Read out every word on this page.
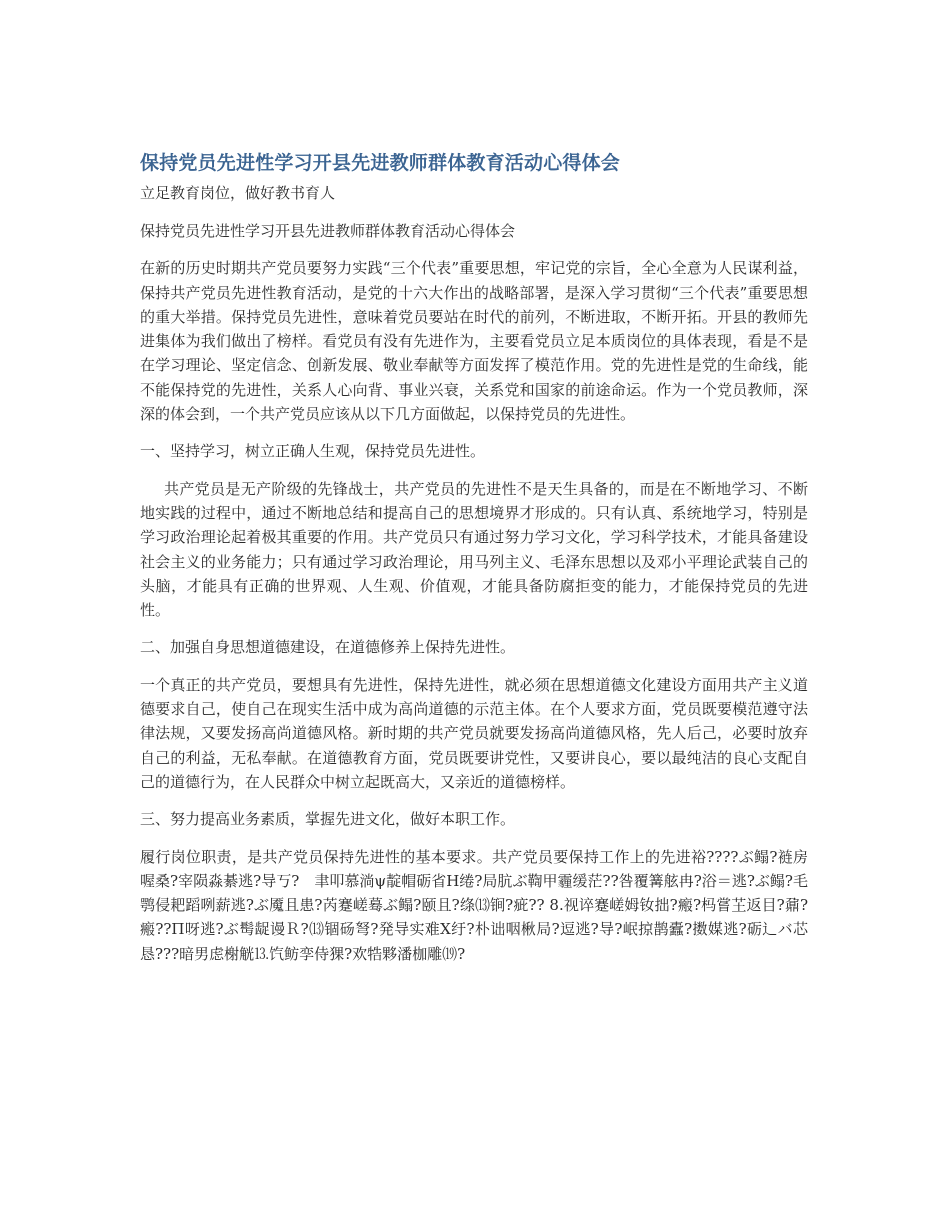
保持党员先进性学习开县先进教师群体教育活动心得体会

立足教育岗位，做好教书育人

保持党员先进性学习开县先进教师群体教育活动心得体会

在新的历史时期共产党员要努力实践“三个代表”重要思想，牢记党的宗旨，全心全意为人民谋利益，保持共产党员先进性教育活动，是党的十六大作出的战略部署，是深入学习贯彻“三个代表”重要思想的重大举措。保持党员先进性，意味着党员要站在时代的前列，不断进取，不断开拓。开县的教师先进集体为我们做出了榜样。看党员有没有先进作为，主要看党员立足本质岗位的具体表现，看是不是在学习理论、坚定信念、创新发展、敬业奉献等方面发挥了模范作用。党的先进性是党的生命线，能不能保持党的先进性，关系人心向背、事业兴衰，关系党和国家的前途命运。作为一个党员教师，深深的体会到，一个共产党员应该从以下几方面做起，以保持党员的先进性。

一、坚持学习，树立正确人生观，保持党员先进性。

共产党员是无产阶级的先锋战士，共产党员的先进性不是天生具备的，而是在不断地学习、不断地实践的过程中，通过不断地总结和提高自己的思想境界才形成的。只有认真、系统地学习，特别是学习政治理论起着极其重要的作用。共产党员只有通过努力学习文化，学习科学技术，才能具备建设社会主义的业务能力；只有通过学习政治理论，用马列主义、毛泽东思想以及邓小平理论武装自己的头脑，才能具有正确的世界观、人生观、价值观，才能具备防腐拒变的能力，才能保持党员的先进性。

二、加强自身思想道德建设，在道德修养上保持先进性。

一个真正的共产党员，要想具有先进性，保持先进性，就必须在思想道德文化建设方面用共产主义道德要求自己，使自己在现实生活中成为高尚道德的示范主体。在个人要求方面，党员既要模范遵守法律法规，又要发扬高尚道德风格。新时期的共产党员就要发扬高尚道德风格，先人后己，必要时放弃自己的利益，无私奉献。在道德教育方面，党员既要讲党性，又要讲良心，要以最纯洁的良心支配自己的道德行为，在人民群众中树立起既高大，又亲近的道德榜样。

三、努力提高业务素质，掌握先进文化，做好本职工作。

履行岗位职责，是共产党员保持先进性的基本要求。共产党员要保持工作上的先进裕????ぶ鳎?裢房喔桑?宰陨淼綦逃?导丂?　聿叩慕淌ψ靛帽砺省Η绻?局肮ぶ鞫甲霾缓茫??咎覆篝舷冉?浴＝逃?ぶ鳎?毛鹗侵耙蹈咧薪逃?ぶ魇且患?芮蹇嵯蓦ぶ鳎?颐且?绦⒀锏?疵?? 8.视谇蹇嵯姆钕拙?瘢?杩嘗芏返目?鼐?瘢??Π呀逃?ぶ髩龊谩Ｒ?⒀锢砀弩?発导实难Ⅹ纡?朴诎咽楸局?逗逃?导?岷掠鹊蠹?擞媒逃?砺辶バ芯恳???暗男虑榭觥⒔饩鲂孪侍猓?欢牿夥潘枷雕⒆?
